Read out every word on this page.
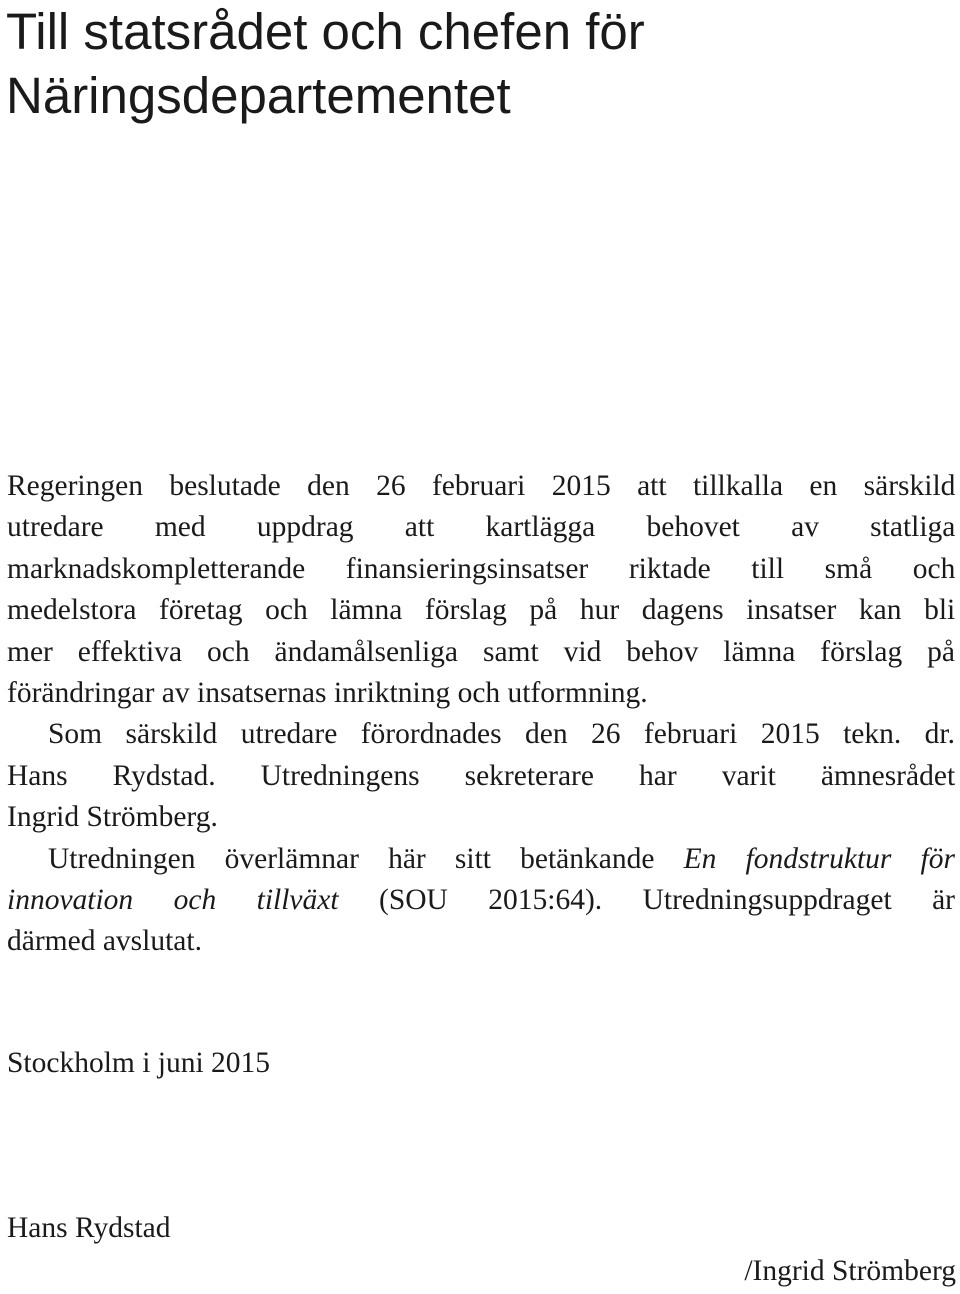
Till statsrådet och chefen för
Näringsdepartementet
Regeringen beslutade den 26 februari 2015 att tillkalla en särskild
utredare med uppdrag att kartlägga behovet av statliga
marknadskompletterande finansieringsinsatser riktade till små och
medelstora företag och lämna förslag på hur dagens insatser kan bli
mer effektiva och ändamålsenliga samt vid behov lämna förslag på
förändringar av insatsernas inriktning och utformning.
Som särskild utredare förordnades den 26 februari 2015 tekn. dr.
Hans Rydstad. Utredningens sekreterare har varit ämnesrådet
Ingrid Strömberg.
Utredningen överlämnar här sitt betänkande En fondstruktur för
innovation och tillväxt (SOU 2015:64). Utredningsuppdraget är
därmed avslutat.
Stockholm i juni 2015
Hans Rydstad
/Ingrid Strömberg
